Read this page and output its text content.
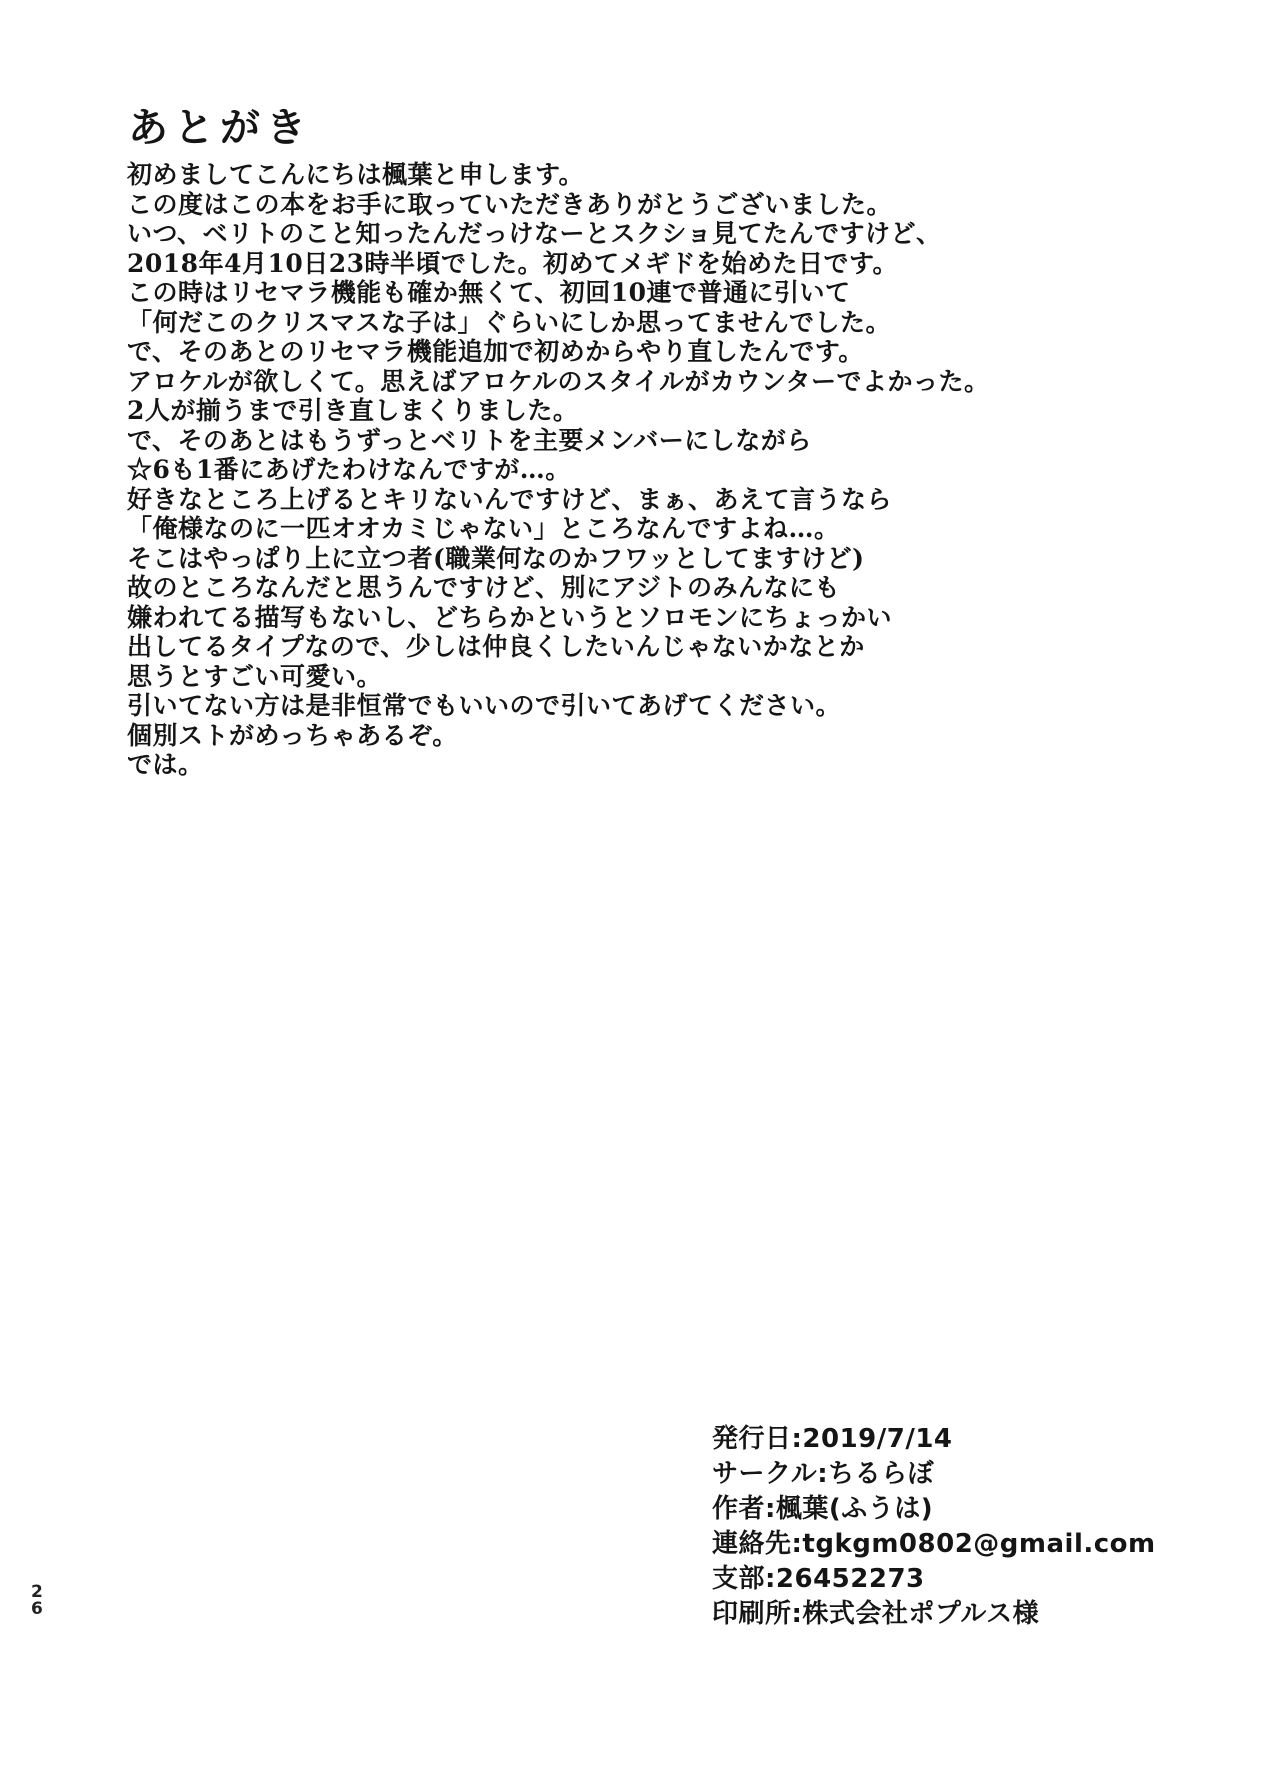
あとがき
初めましてこんにちは楓葉と申します。
この度はこの本をお手に取っていただきありがとうございました。
いつ、ベリトのこと知ったんだっけなーとスクショ見てたんですけど、
2018年4月10日23時半頃でした。初めてメギドを始めた日です。
この時はリセマラ機能も確か無くて、初回10連で普通に引いて
「何だこのクリスマスな子は」ぐらいにしか思ってませんでした。
で、そのあとのリセマラ機能追加で初めからやり直したんです。
アロケルが欲しくて。思えばアロケルのスタイルがカウンターでよかった。
2人が揃うまで引き直しまくりました。
で、そのあとはもうずっとベリトを主要メンバーにしながら
☆6も1番にあげたわけなんですが…。
好きなところ上げるとキリないんですけど、まぁ、あえて言うなら
「俺様なのに一匹オオカミじゃない」ところなんですよね…。
そこはやっぱり上に立つ者(職業何なのかフワッとしてますけど)
故のところなんだと思うんですけど、別にアジトのみんなにも
嫌われてる描写もないし、どちらかというとソロモンにちょっかい
出してるタイプなので、少しは仲良くしたいんじゃないかなとか
思うとすごい可愛い。
引いてない方は是非恒常でもいいので引いてあげてください。
個別ストがめっちゃあるぞ。
では。
発行日:2019/7/14
サークル:ちるらぼ
作者:楓葉(ふうは)
連絡先:tgkgm0802@gmail.com
支部:26452273
印刷所:株式会社ポプルス様
2
6
